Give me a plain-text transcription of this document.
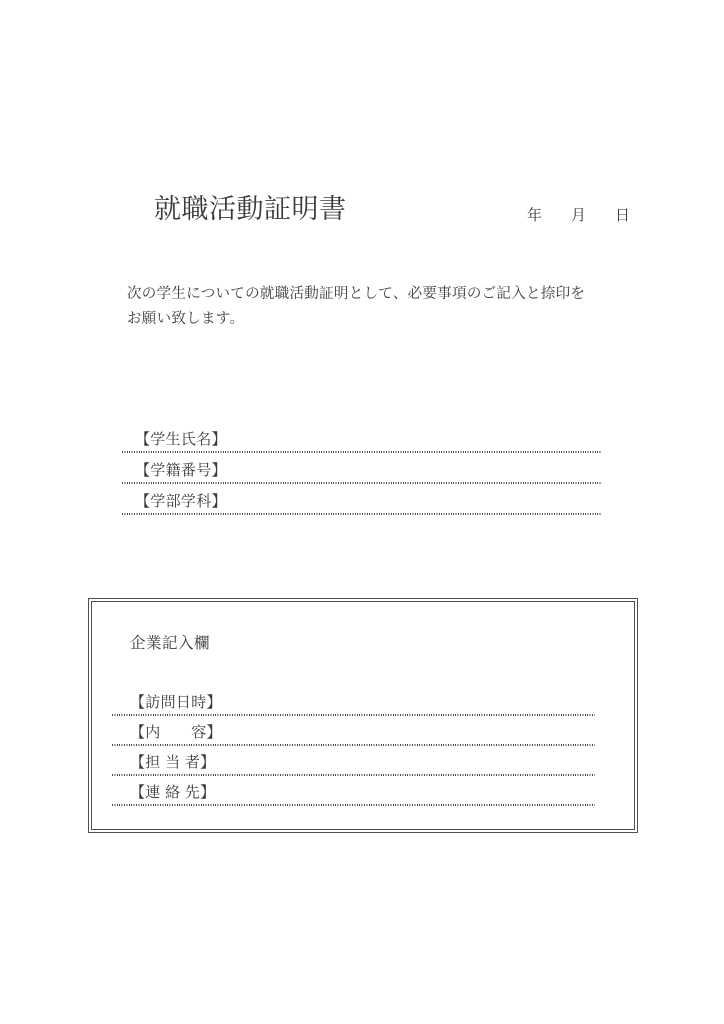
就職活動証明書	年 月 日
次の学生についての就職活動証明として、必要事項のご記入と捺印を
お願い致します。
【学生氏名】
【学籍番号】
【学部学科】
企業記入欄
【訪問日時】
【内　　容】
【担 当 者】
【連 絡 先】
